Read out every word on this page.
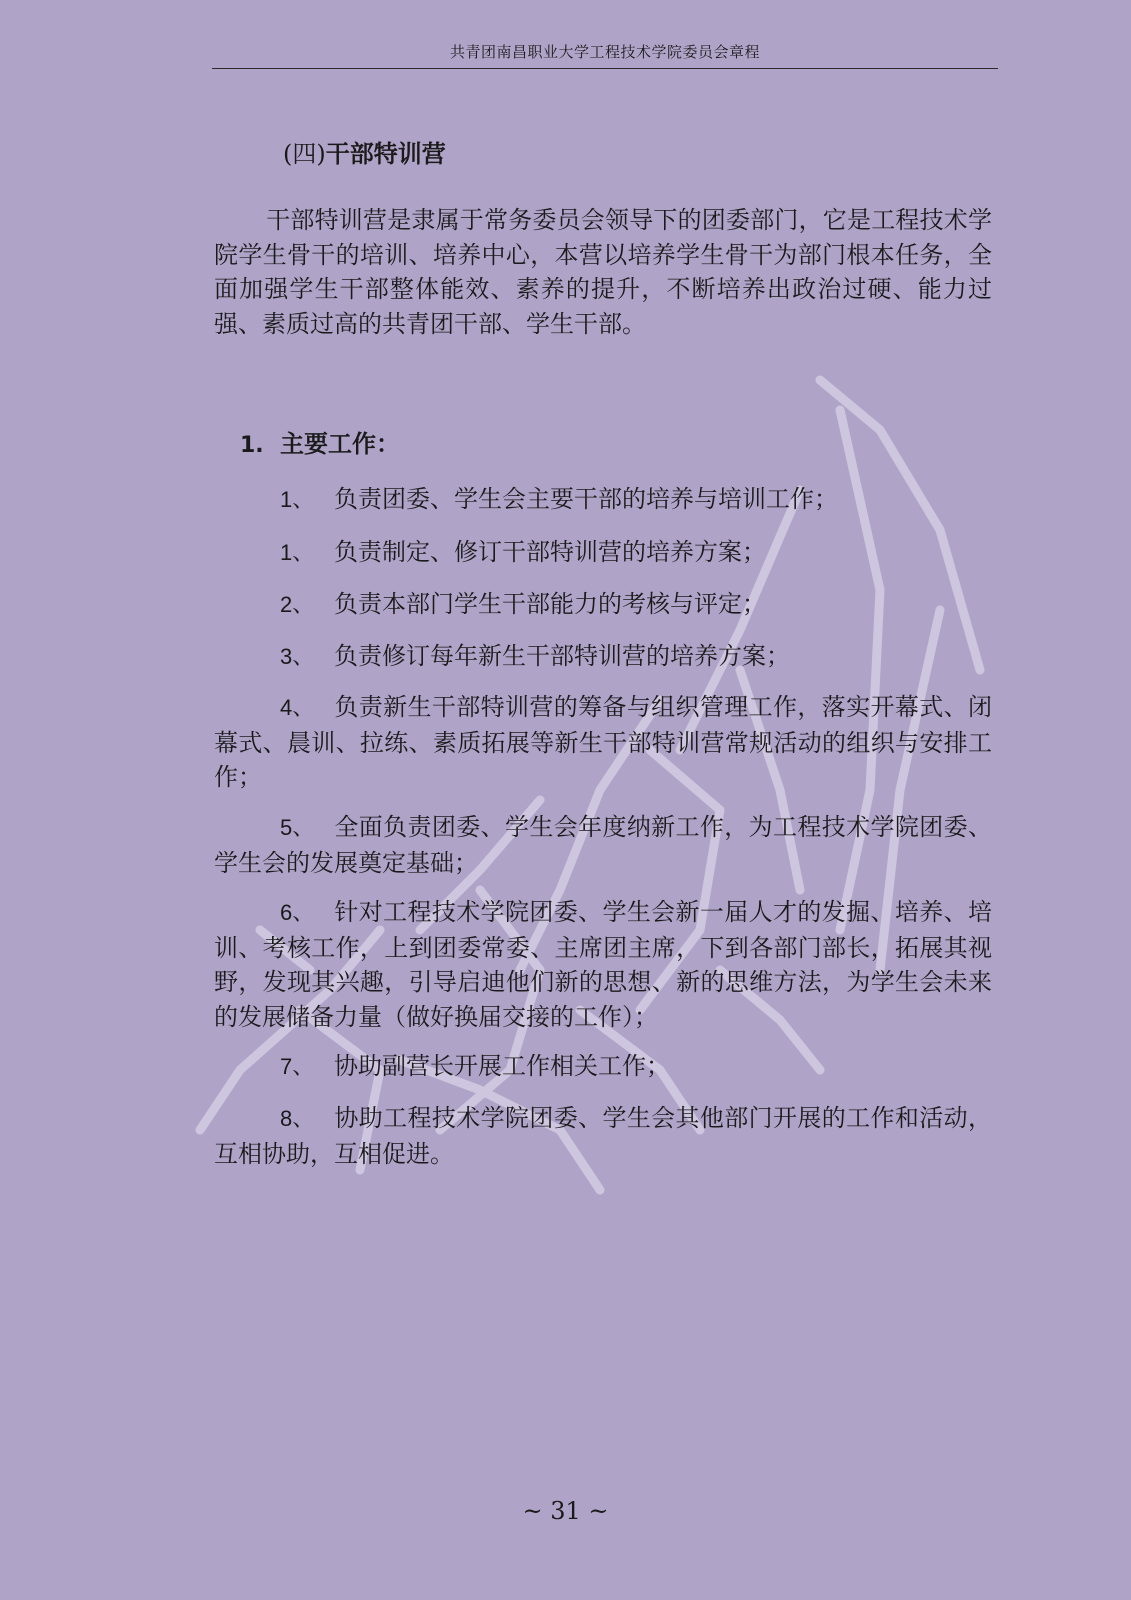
共青团南昌职业大学工程技术学院委员会章程
(四)干部特训营
干部特训营是隶属于常务委员会领导下的团委部门，它是工程技术学院学生骨干的培训、培养中心，本营以培养学生骨干为部门根本任务，全面加强学生干部整体能效、素养的提升，不断培养出政治过硬、能力过强、素质过高的共青团干部、学生干部。
1. 主要工作：
1、 负责团委、学生会主要干部的培养与培训工作；
1、 负责制定、修订干部特训营的培养方案；
2、 负责本部门学生干部能力的考核与评定；
3、 负责修订每年新生干部特训营的培养方案；
4、 负责新生干部特训营的筹备与组织管理工作，落实开幕式、闭幕式、晨训、拉练、素质拓展等新生干部特训营常规活动的组织与安排工作；
5、 全面负责团委、学生会年度纳新工作，为工程技术学院团委、学生会的发展奠定基础；
6、 针对工程技术学院团委、学生会新一届人才的发掘、培养、培训、考核工作，上到团委常委、主席团主席，下到各部门部长，拓展其视野，发现其兴趣，引导启迪他们新的思想、新的思维方法，为学生会未来的发展储备力量（做好换届交接的工作）；
7、 协助副营长开展工作相关工作；
8、 协助工程技术学院团委、学生会其他部门开展的工作和活动，互相协助，互相促进。
~ 31 ~
